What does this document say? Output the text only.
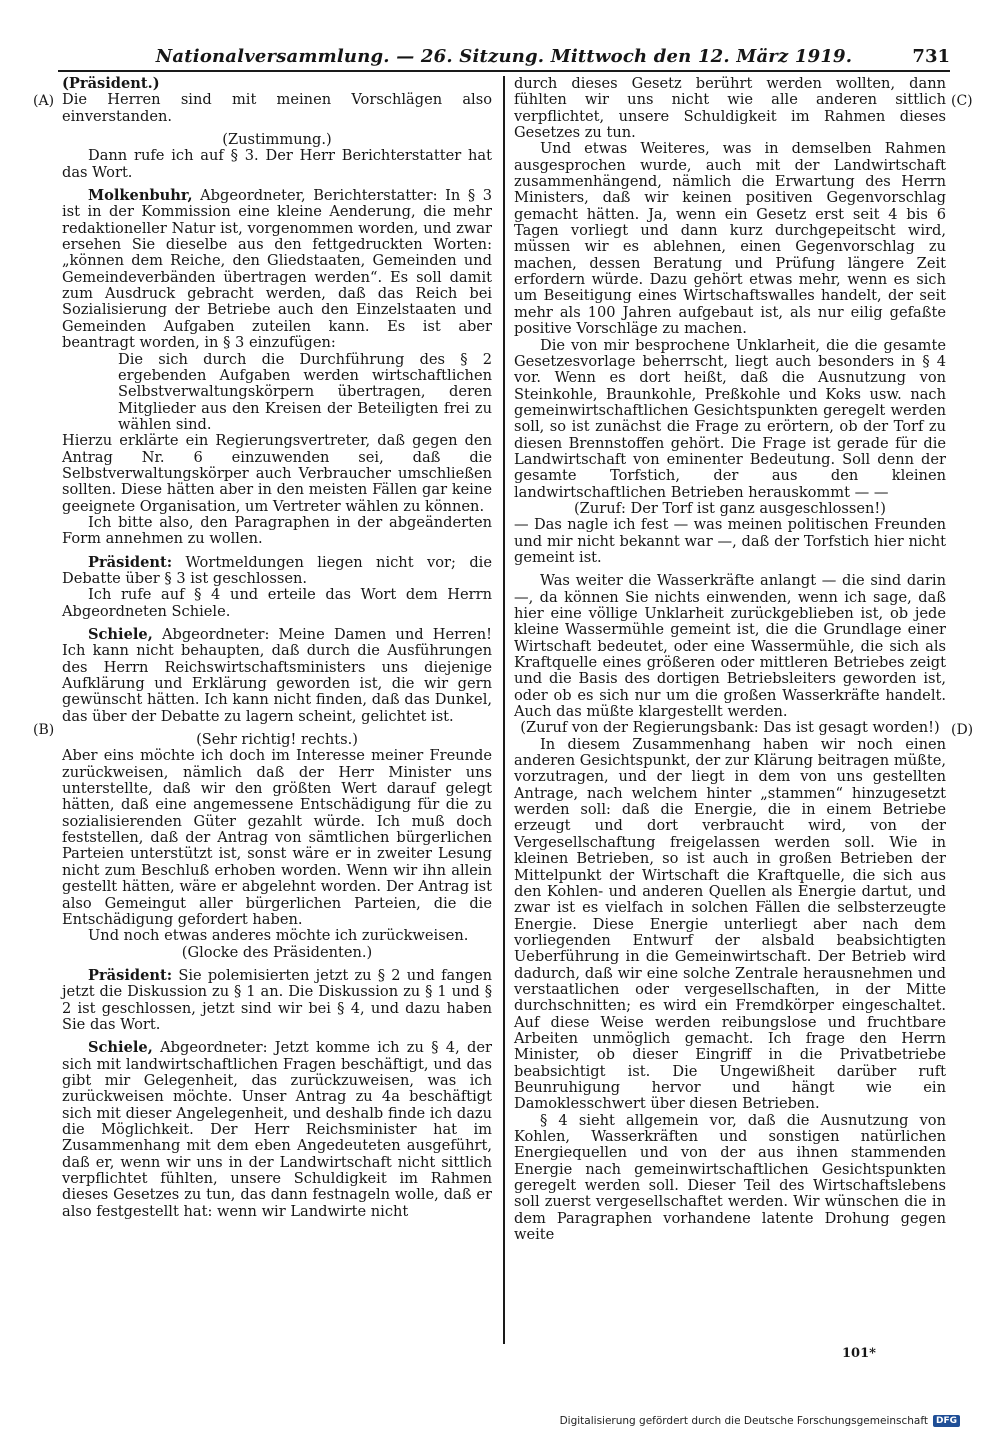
Nationalversammlung. — 26. Sitzung. Mittwoch den 12. März 1919.	731
(A)
(B)
(C)
(D)

(Präsident.)

Die Herren sind mit meinen Vorschlägen also einverstanden.

(Zustimmung.)

Dann rufe ich auf § 3. Der Herr Berichterstatter hat das Wort.

Molkenbuhr, Abgeordneter, Berichterstatter: In § 3 ist in der Kommission eine kleine Aenderung, die mehr redaktioneller Natur ist, vorgenommen worden, und zwar ersehen Sie dieselbe aus den fettgedruckten Worten: „können dem Reiche, den Gliedstaaten, Gemeinden und Gemeindeverbänden übertragen werden“. Es soll damit zum Ausdruck gebracht werden, daß das Reich bei Sozialisierung der Betriebe auch den Einzelstaaten und Gemeinden Aufgaben zuteilen kann. Es ist aber beantragt worden, in § 3 einzufügen:

Die sich durch die Durchführung des § 2 ergebenden Aufgaben werden wirtschaftlichen Selbstverwaltungskörpern übertragen, deren Mitglieder aus den Kreisen der Beteiligten frei zu wählen sind.

Hierzu erklärte ein Regierungsvertreter, daß gegen den Antrag Nr. 6 einzuwenden sei, daß die Selbstverwaltungskörper auch Verbraucher umschließen sollten. Diese hätten aber in den meisten Fällen gar keine geeignete Organisation, um Vertreter wählen zu können.

Ich bitte also, den Paragraphen in der abgeänderten Form annehmen zu wollen.

Präsident: Wortmeldungen liegen nicht vor; die Debatte über § 3 ist geschlossen.

Ich rufe auf § 4 und erteile das Wort dem Herrn Abgeordneten Schiele.

Schiele, Abgeordneter: Meine Damen und Herren! Ich kann nicht behaupten, daß durch die Ausführungen des Herrn Reichswirtschaftsministers uns diejenige Aufklärung und Erklärung geworden ist, die wir gern gewünscht hätten. Ich kann nicht finden, daß das Dunkel, das über der Debatte zu lagern scheint, gelichtet ist.

(Sehr richtig! rechts.)

Aber eins möchte ich doch im Interesse meiner Freunde zurückweisen, nämlich daß der Herr Minister uns unterstellte, daß wir den größten Wert darauf gelegt hätten, daß eine angemessene Entschädigung für die zu sozialisierenden Güter gezahlt würde. Ich muß doch feststellen, daß der Antrag von sämtlichen bürgerlichen Parteien unterstützt ist, sonst wäre er in zweiter Lesung nicht zum Beschluß erhoben worden. Wenn wir ihn allein gestellt hätten, wäre er abgelehnt worden. Der Antrag ist also Gemeingut aller bürgerlichen Parteien, die die Entschädigung gefordert haben.

Und noch etwas anderes möchte ich zurückweisen.

(Glocke des Präsidenten.)

Präsident: Sie polemisierten jetzt zu § 2 und fangen jetzt die Diskussion zu § 1 an. Die Diskussion zu § 1 und § 2 ist geschlossen, jetzt sind wir bei § 4, und dazu haben Sie das Wort.

Schiele, Abgeordneter: Jetzt komme ich zu § 4, der sich mit landwirtschaftlichen Fragen beschäftigt, und das gibt mir Gelegenheit, das zurückzuweisen, was ich zurückweisen möchte. Unser Antrag zu 4a beschäftigt sich mit dieser Angelegenheit, und deshalb finde ich dazu die Möglichkeit. Der Herr Reichsminister hat im Zusammenhang mit dem eben Angedeuteten ausgeführt, daß er, wenn wir uns in der Landwirtschaft nicht sittlich verpflichtet fühlten, unsere Schuldigkeit im Rahmen dieses Gesetzes zu tun, das dann festnageln wolle, daß er also festgestellt hat: wenn wir Landwirte nicht

durch dieses Gesetz berührt werden wollten, dann fühlten wir uns nicht wie alle anderen sittlich verpflichtet, unsere Schuldigkeit im Rahmen dieses Gesetzes zu tun.

Und etwas Weiteres, was in demselben Rahmen ausgesprochen wurde, auch mit der Landwirtschaft zusammenhängend, nämlich die Erwartung des Herrn Ministers, daß wir keinen positiven Gegenvorschlag gemacht hätten. Ja, wenn ein Gesetz erst seit 4 bis 6 Tagen vorliegt und dann kurz durchgepeitscht wird, müssen wir es ablehnen, einen Gegenvorschlag zu machen, dessen Beratung und Prüfung längere Zeit erfordern würde. Dazu gehört etwas mehr, wenn es sich um Beseitigung eines Wirtschaftswalles handelt, der seit mehr als 100 Jahren aufgebaut ist, als nur eilig gefaßte positive Vorschläge zu machen.

Die von mir besprochene Unklarheit, die die gesamte Gesetzesvorlage beherrscht, liegt auch besonders in § 4 vor. Wenn es dort heißt, daß die Ausnutzung von Steinkohle, Braunkohle, Preßkohle und Koks usw. nach gemeinwirtschaftlichen Gesichtspunkten geregelt werden soll, so ist zunächst die Frage zu erörtern, ob der Torf zu diesen Brennstoffen gehört. Die Frage ist gerade für die Landwirtschaft von eminenter Bedeutung. Soll denn der gesamte Torfstich, der aus den kleinen landwirtschaftlichen Betrieben herauskommt — —

(Zuruf: Der Torf ist ganz ausgeschlossen!)

— Das nagle ich fest — was meinen politischen Freunden und mir nicht bekannt war —, daß der Torfstich hier nicht gemeint ist.

Was weiter die Wasserkräfte anlangt — die sind darin —, da können Sie nichts einwenden, wenn ich sage, daß hier eine völlige Unklarheit zurückgeblieben ist, ob jede kleine Wassermühle gemeint ist, die die Grundlage einer Wirtschaft bedeutet, oder eine Wassermühle, die sich als Kraftquelle eines größeren oder mittleren Betriebes zeigt und die Basis des dortigen Betriebsleiters geworden ist, oder ob es sich nur um die großen Wasserkräfte handelt. Auch das müßte klargestellt werden.

(Zuruf von der Regierungsbank: Das ist gesagt worden!)

In diesem Zusammenhang haben wir noch einen anderen Gesichtspunkt, der zur Klärung beitragen müßte, vorzutragen, und der liegt in dem von uns gestellten Antrage, nach welchem hinter „stammen“ hinzugesetzt werden soll: daß die Energie, die in einem Betriebe erzeugt und dort verbraucht wird, von der Vergesellschaftung freigelassen werden soll. Wie in kleinen Betrieben, so ist auch in großen Betrieben der Mittelpunkt der Wirtschaft die Kraftquelle, die sich aus den Kohlen- und anderen Quellen als Energie dartut, und zwar ist es vielfach in solchen Fällen die selbsterzeugte Energie. Diese Energie unterliegt aber nach dem vorliegenden Entwurf der alsbald beabsichtigten Ueberführung in die Gemeinwirtschaft. Der Betrieb wird dadurch, daß wir eine solche Zentrale herausnehmen und verstaatlichen oder vergesellschaften, in der Mitte durchschnitten; es wird ein Fremdkörper eingeschaltet. Auf diese Weise werden reibungslose und fruchtbare Arbeiten unmöglich gemacht. Ich frage den Herrn Minister, ob dieser Eingriff in die Privatbetriebe beabsichtigt ist. Die Ungewißheit darüber ruft Beunruhigung hervor und hängt wie ein Damoklesschwert über diesen Betrieben.

§ 4 sieht allgemein vor, daß die Ausnutzung von Kohlen, Wasserkräften und sonstigen natürlichen Energiequellen und von der aus ihnen stammenden Energie nach gemeinwirtschaftlichen Gesichtspunkten geregelt werden soll. Dieser Teil des Wirtschaftslebens soll zuerst vergesellschaftet werden. Wir wünschen die in dem Paragraphen vorhandene latente Drohung gegen weite

101*
Digitalisierung gefördert durch die Deutsche Forschungsgemeinschaft DFG
